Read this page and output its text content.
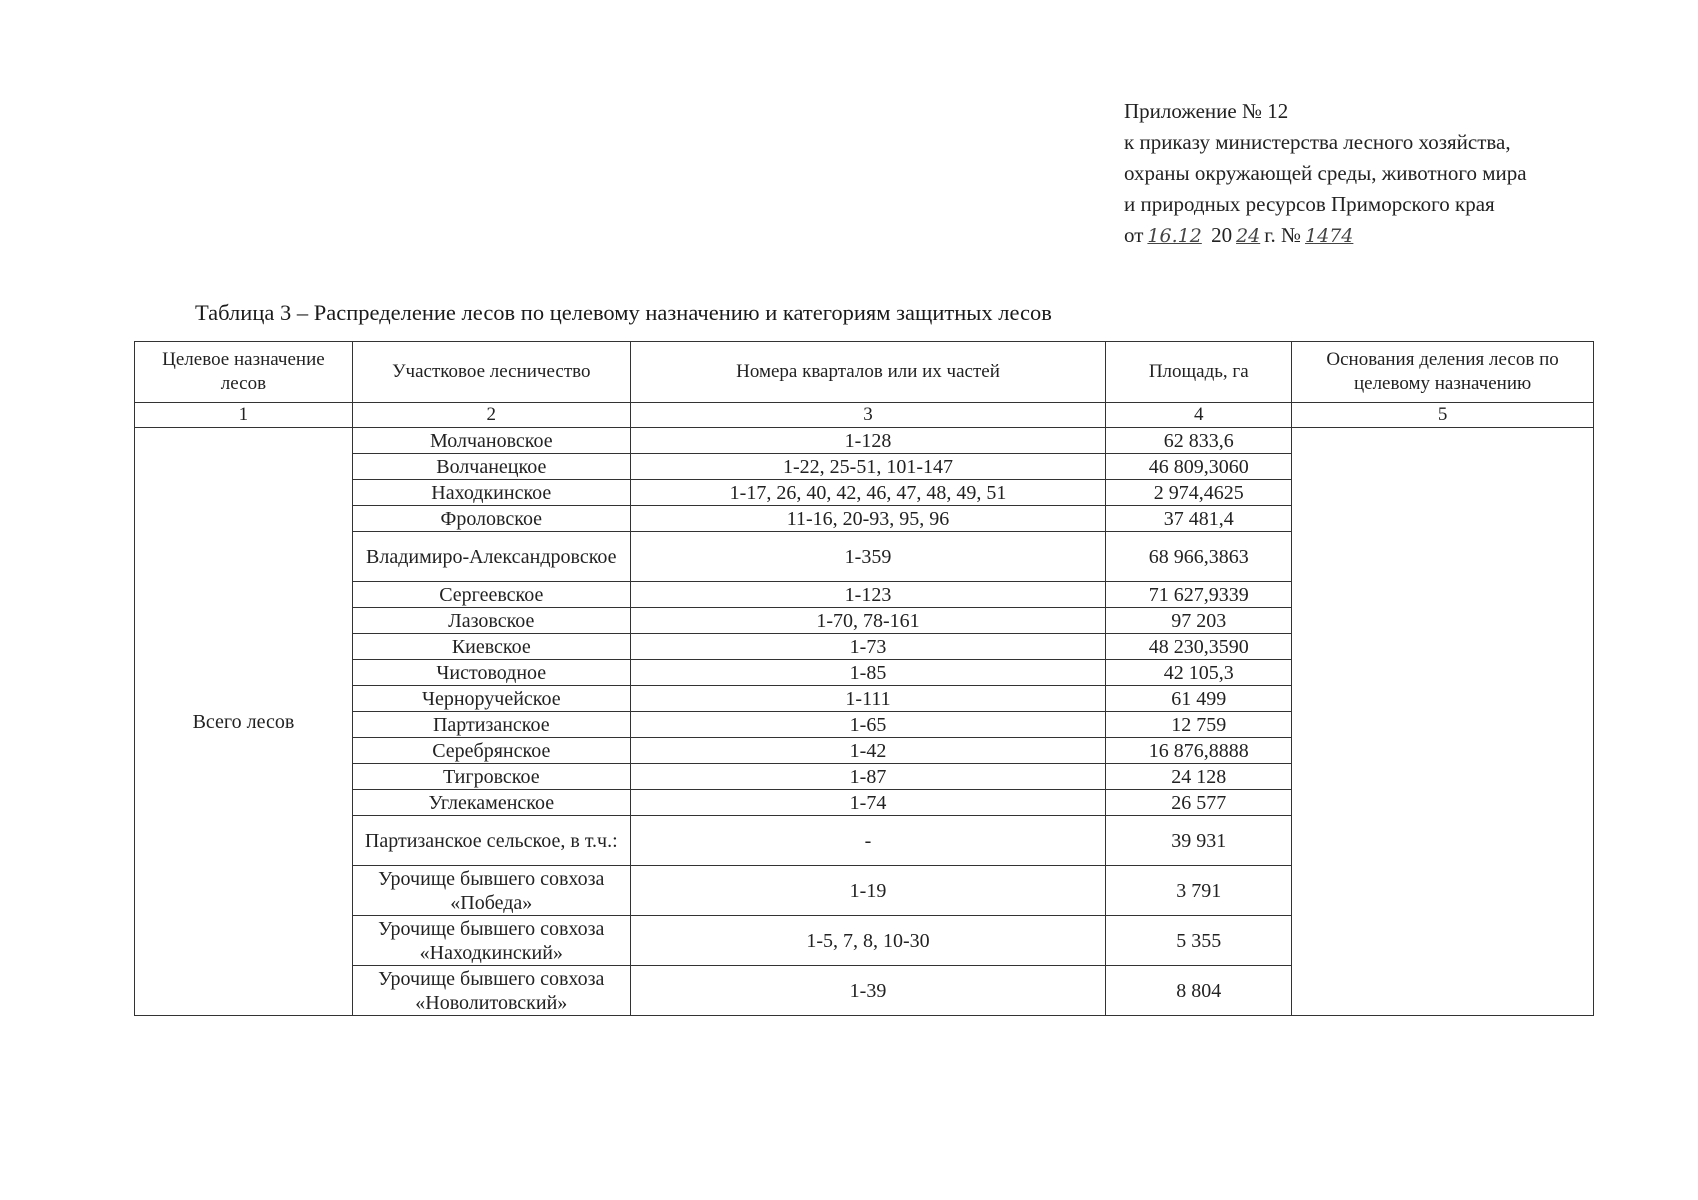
Приложение № 12
к приказу министерства лесного хозяйства,
охраны окружающей среды, животного мира
и природных ресурсов Приморского края
от 16.12 20 24 г. № 1474
Таблица 3 – Распределение лесов по целевому назначению и категориям защитных лесов
Целевое назначение лесов	Участковое лесничество	Номера кварталов или их частей	Площадь, га	Основания деления лесов по целевому назначению
1	2	3	4	5
Всего лесов	Молчановское	1-128	62 833,6	
	Волчанецкое	1-22, 25-51, 101-147	46 809,3060	
	Находкинское	1-17, 26, 40, 42, 46, 47, 48, 49, 51	2 974,4625	
	Фроловское	11-16, 20-93, 95, 96	37 481,4	
	Владимиро-Александровское	1-359	68 966,3863	
	Сергеевское	1-123	71 627,9339	
	Лазовское	1-70, 78-161	97 203	
	Киевское	1-73	48 230,3590	
	Чистоводное	1-85	42 105,3	
	Черноручейское	1-111	61 499	
	Партизанское	1-65	12 759	
	Серебрянское	1-42	16 876,8888	
	Тигровское	1-87	24 128	
	Углекаменское	1-74	26 577	
	Партизанское сельское, в т.ч.:	-	39 931	
	Урочище бывшего совхоза «Победа»	1-19	3 791	
	Урочище бывшего совхоза «Находкинский»	1-5, 7, 8, 10-30	5 355	
	Урочище бывшего совхоза «Новолитовский»	1-39	8 804	
